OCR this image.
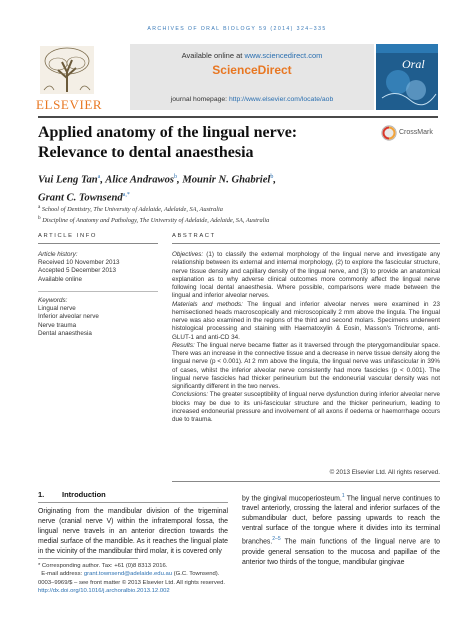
ARCHIVES OF ORAL BIOLOGY 59 (2014) 324–335
ELSEVIER
Available online at www.sciencedirect.com
ScienceDirect
journal homepage: http://www.elsevier.com/locate/aob
Oral
Applied anatomy of the lingual nerve: Relevance to dental anaesthesia
CrossMark
Vui Leng Tan$^a$, Alice Andrawos$^b$, Mounir N. Ghabriel$^b$,
Grant C. Townsend$^{a,*}$
$^a$ School of Dentistry, The University of Adelaide, Adelaide, SA, Australia
$^b$ Discipline of Anatomy and Pathology, The University of Adelaide, Adelaide, SA, Australia
ARTICLE INFO
Article history:
Received 10 November 2013
Accepted 5 December 2013
Available online
Keywords:
Lingual nerve
Inferior alveolar nerve
Nerve trauma
Dental anaesthesia
ABSTRACT

Objectives: (1) to classify the external morphology of the lingual nerve and investigate any relationship between its external and internal morphology, (2) to explore the fascicular structure, nerve tissue density and capillary density of the lingual nerve, and (3) to provide an anatomical explanation as to why adverse clinical outcomes more commonly affect the lingual nerve following local dental anaesthesia. Where possible, comparisons were made between the lingual and inferior alveolar nerves.

Materials and methods: The lingual and inferior alveolar nerves were examined in 23 hemisectioned heads macroscopically and microscopically 2 mm above the lingula. The lingual nerve was also examined in the regions of the third and second molars. Specimens underwent histological processing and staining with Haematoxylin & Eosin, Masson's Trichrome, anti-GLUT-1 and anti-CD 34.

Results: The lingual nerve became flatter as it traversed through the pterygomandibular space. There was an increase in the connective tissue and a decrease in nerve tissue density along the lingual nerve (p < 0.001). At 2 mm above the lingula, the lingual nerve was unifascicular in 39% of cases, whilst the inferior alveolar nerve consistently had more fascicles (p < 0.001). The lingual nerve fascicles had thicker perineurium but the endoneurial vascular density was not significantly different in the two nerves.

Conclusions: The greater susceptibility of lingual nerve dysfunction during inferior alveolar nerve blocks may be due to its uni-fascicular structure and the thicker perineurium, leading to increased endoneurial pressure and involvement of all axons if oedema or haemorrhage occurs due to trauma.

© 2013 Elsevier Ltd. All rights reserved.
1. Introduction
Originating from the mandibular division of the trigeminal nerve (cranial nerve V) within the infratemporal fossa, the lingual nerve travels in an anterior direction towards the medial surface of the mandible. As it reaches the lingual plate in the vicinity of the mandibular third molar, it is covered only
by the gingival mucoperiosteum.$^1$ The lingual nerve continues to travel anteriorly, crossing the lateral and inferior surfaces of the submandibular duct, before passing upwards to reach the ventral surface of the tongue where it divides into its terminal branches.$^{2-5}$ The main functions of the lingual nerve are to provide general sensation to the mucosa and papillae of the anterior two thirds of the tongue, mandibular gingivae
* Corresponding author. Tax: +61 (0)8 8313 2016.
E-mail address: grant.townsend@adelaide.edu.au (G.C. Townsend).
0003–9969/$ – see front matter © 2013 Elsevier Ltd. All rights reserved.
http://dx.doi.org/10.1016/j.archoralbio.2013.12.002
